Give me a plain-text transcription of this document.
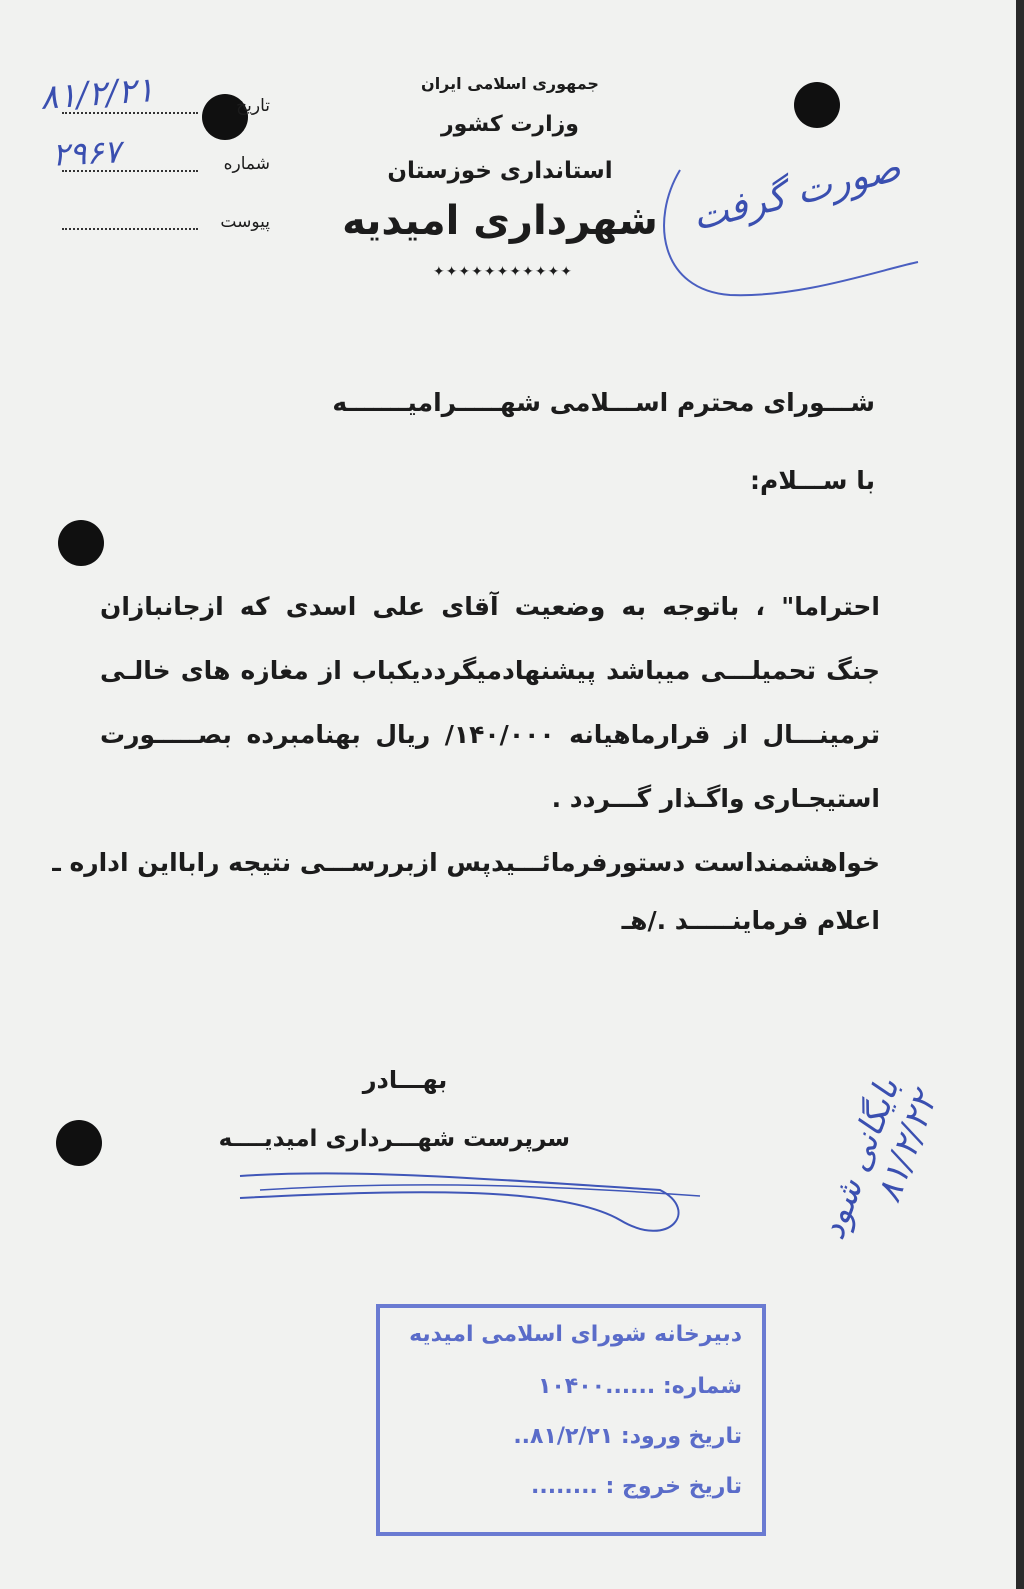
جمهوری اسلامی ایران
وزارت کشور
استانداری خوزستان
شهرداری امیدیه
✦✦✦✦✦✦✦✦✦✦✦
تاریخ
شماره
پیوست
۸۱/۲/۲۱
۲۹۶۷	صورت گرفت
شـــورای محترم اســـلامی شهـــــرامیـــــــه
با ســـلام:
احتراما" ، باتوجه به وضعیت آقای علی اسدی که ازجانبازان
جنگ تحمیلـــی میباشد پیشنهادمیگرددیکباب از مغازه های خالـی
ترمینـــال از قرارماهیانه ۱۴۰/۰۰۰/ ریال بهنامبرده بصـــــورت
استیجـاری واگـذار گـــردد .
خواهشمنداست دستورفرمائـــیدپس ازبررســـی نتیجه رابااین اداره ـ
اعلام فرماینـــــد ./هـ
بهـــادر
سرپرست شهـــرداری امیدیــــه	بایگانی شود ۸۱/۲/۲۲
دبیرخانه شورای اسلامی امیدیه
شماره: ......۱۰۴۰۰
تاریخ ورود: ۸۱/۲/۲۱..
تاریخ خروج : ........
